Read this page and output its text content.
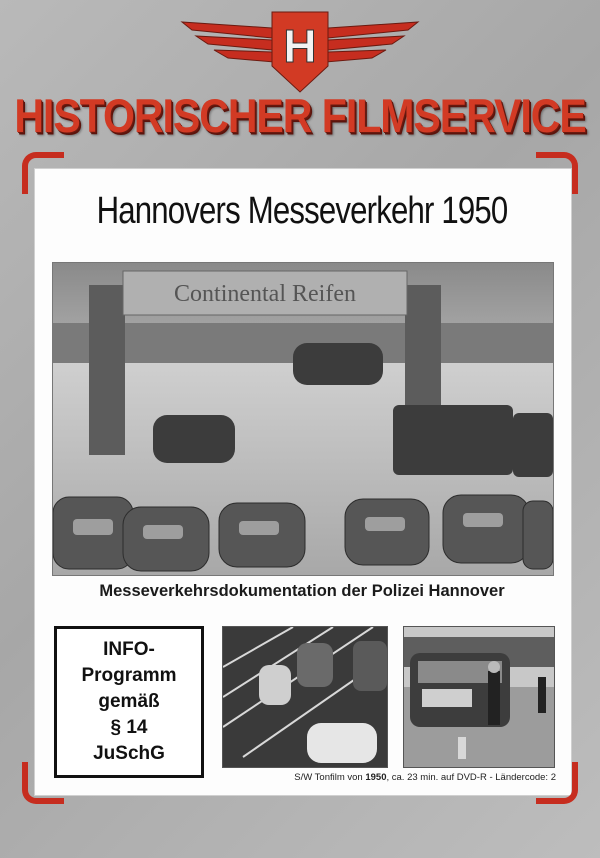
H
HISTORISCHER FILMSERVICE
Hannovers Messeverkehr 1950
Continental Reifen
Messeverkehrsdokumentation der Polizei Hannover
INFO-
Programm
gemäß
§ 14
JuSchG
S/W Tonfilm von 1950, ca. 23 min. auf DVD-R - Ländercode: 2
